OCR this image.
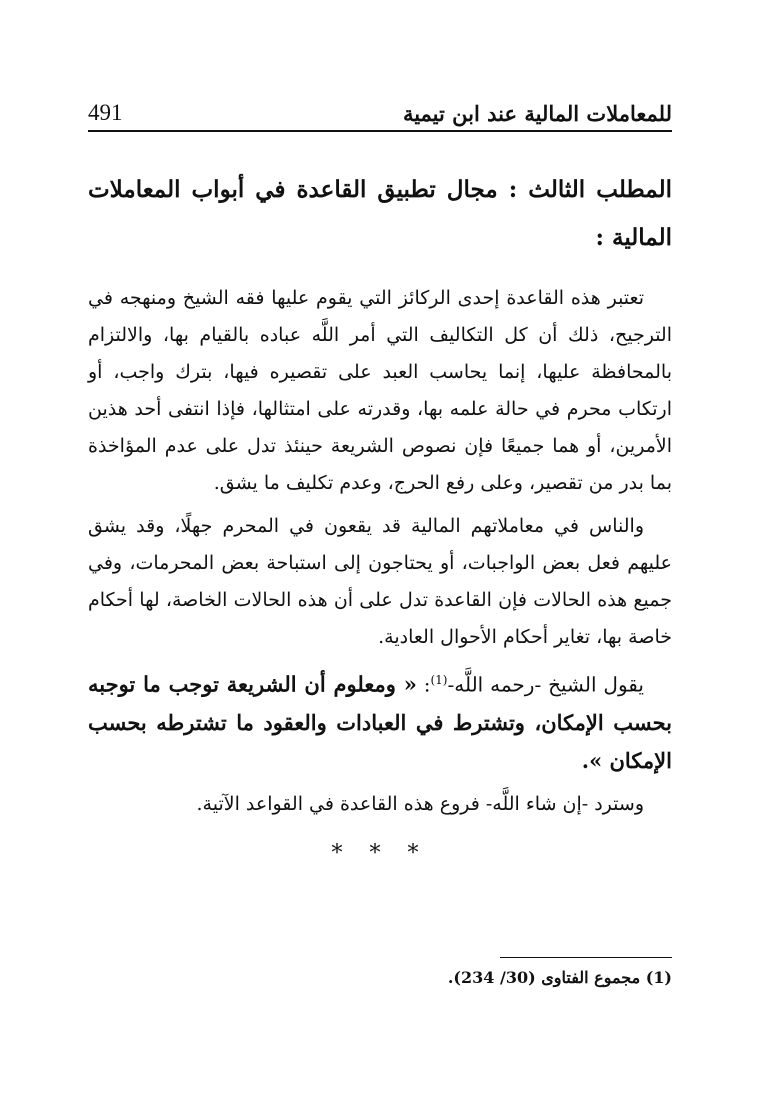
491	للمعاملات المالية عند ابن تيمية

المطلب الثالث : مجال تطبيق القاعدة في أبواب المعاملات المالية :

تعتبر هذه القاعدة إحدى الركائز التي يقوم عليها فقه الشيخ ومنهجه في الترجيح، ذلك أن كل التكاليف التي أمر اللَّه عباده بالقيام بها، والالتزام بالمحافظة عليها، إنما يحاسب العبد على تقصيره فيها، بترك واجب، أو ارتكاب محرم في حالة علمه بها، وقدرته على امتثالها، فإذا انتفى أحد هذين الأمرين، أو هما جميعًا فإن نصوص الشريعة حينئذ تدل على عدم المؤاخذة بما بدر من تقصير، وعلى رفع الحرج، وعدم تكليف ما يشق.

والناس في معاملاتهم المالية قد يقعون في المحرم جهلًا، وقد يشق عليهم فعل بعض الواجبات، أو يحتاجون إلى استباحة بعض المحرمات، وفي جميع هذه الحالات فإن القاعدة تدل على أن هذه الحالات الخاصة، لها أحكام خاصة بها، تغاير أحكام الأحوال العادية.

يقول الشيخ -رحمه اللَّه-$^{(1)}$: « ومعلوم أن الشريعة توجب ما توجبه بحسب الإمكان، وتشترط في العبادات والعقود ما تشترطه بحسب الإمكان ».

وسترد -إن شاء اللَّه- فروع هذه القاعدة في القواعد الآتية.

* * *
(1) مجموع الفتاوى (30/ 234).
